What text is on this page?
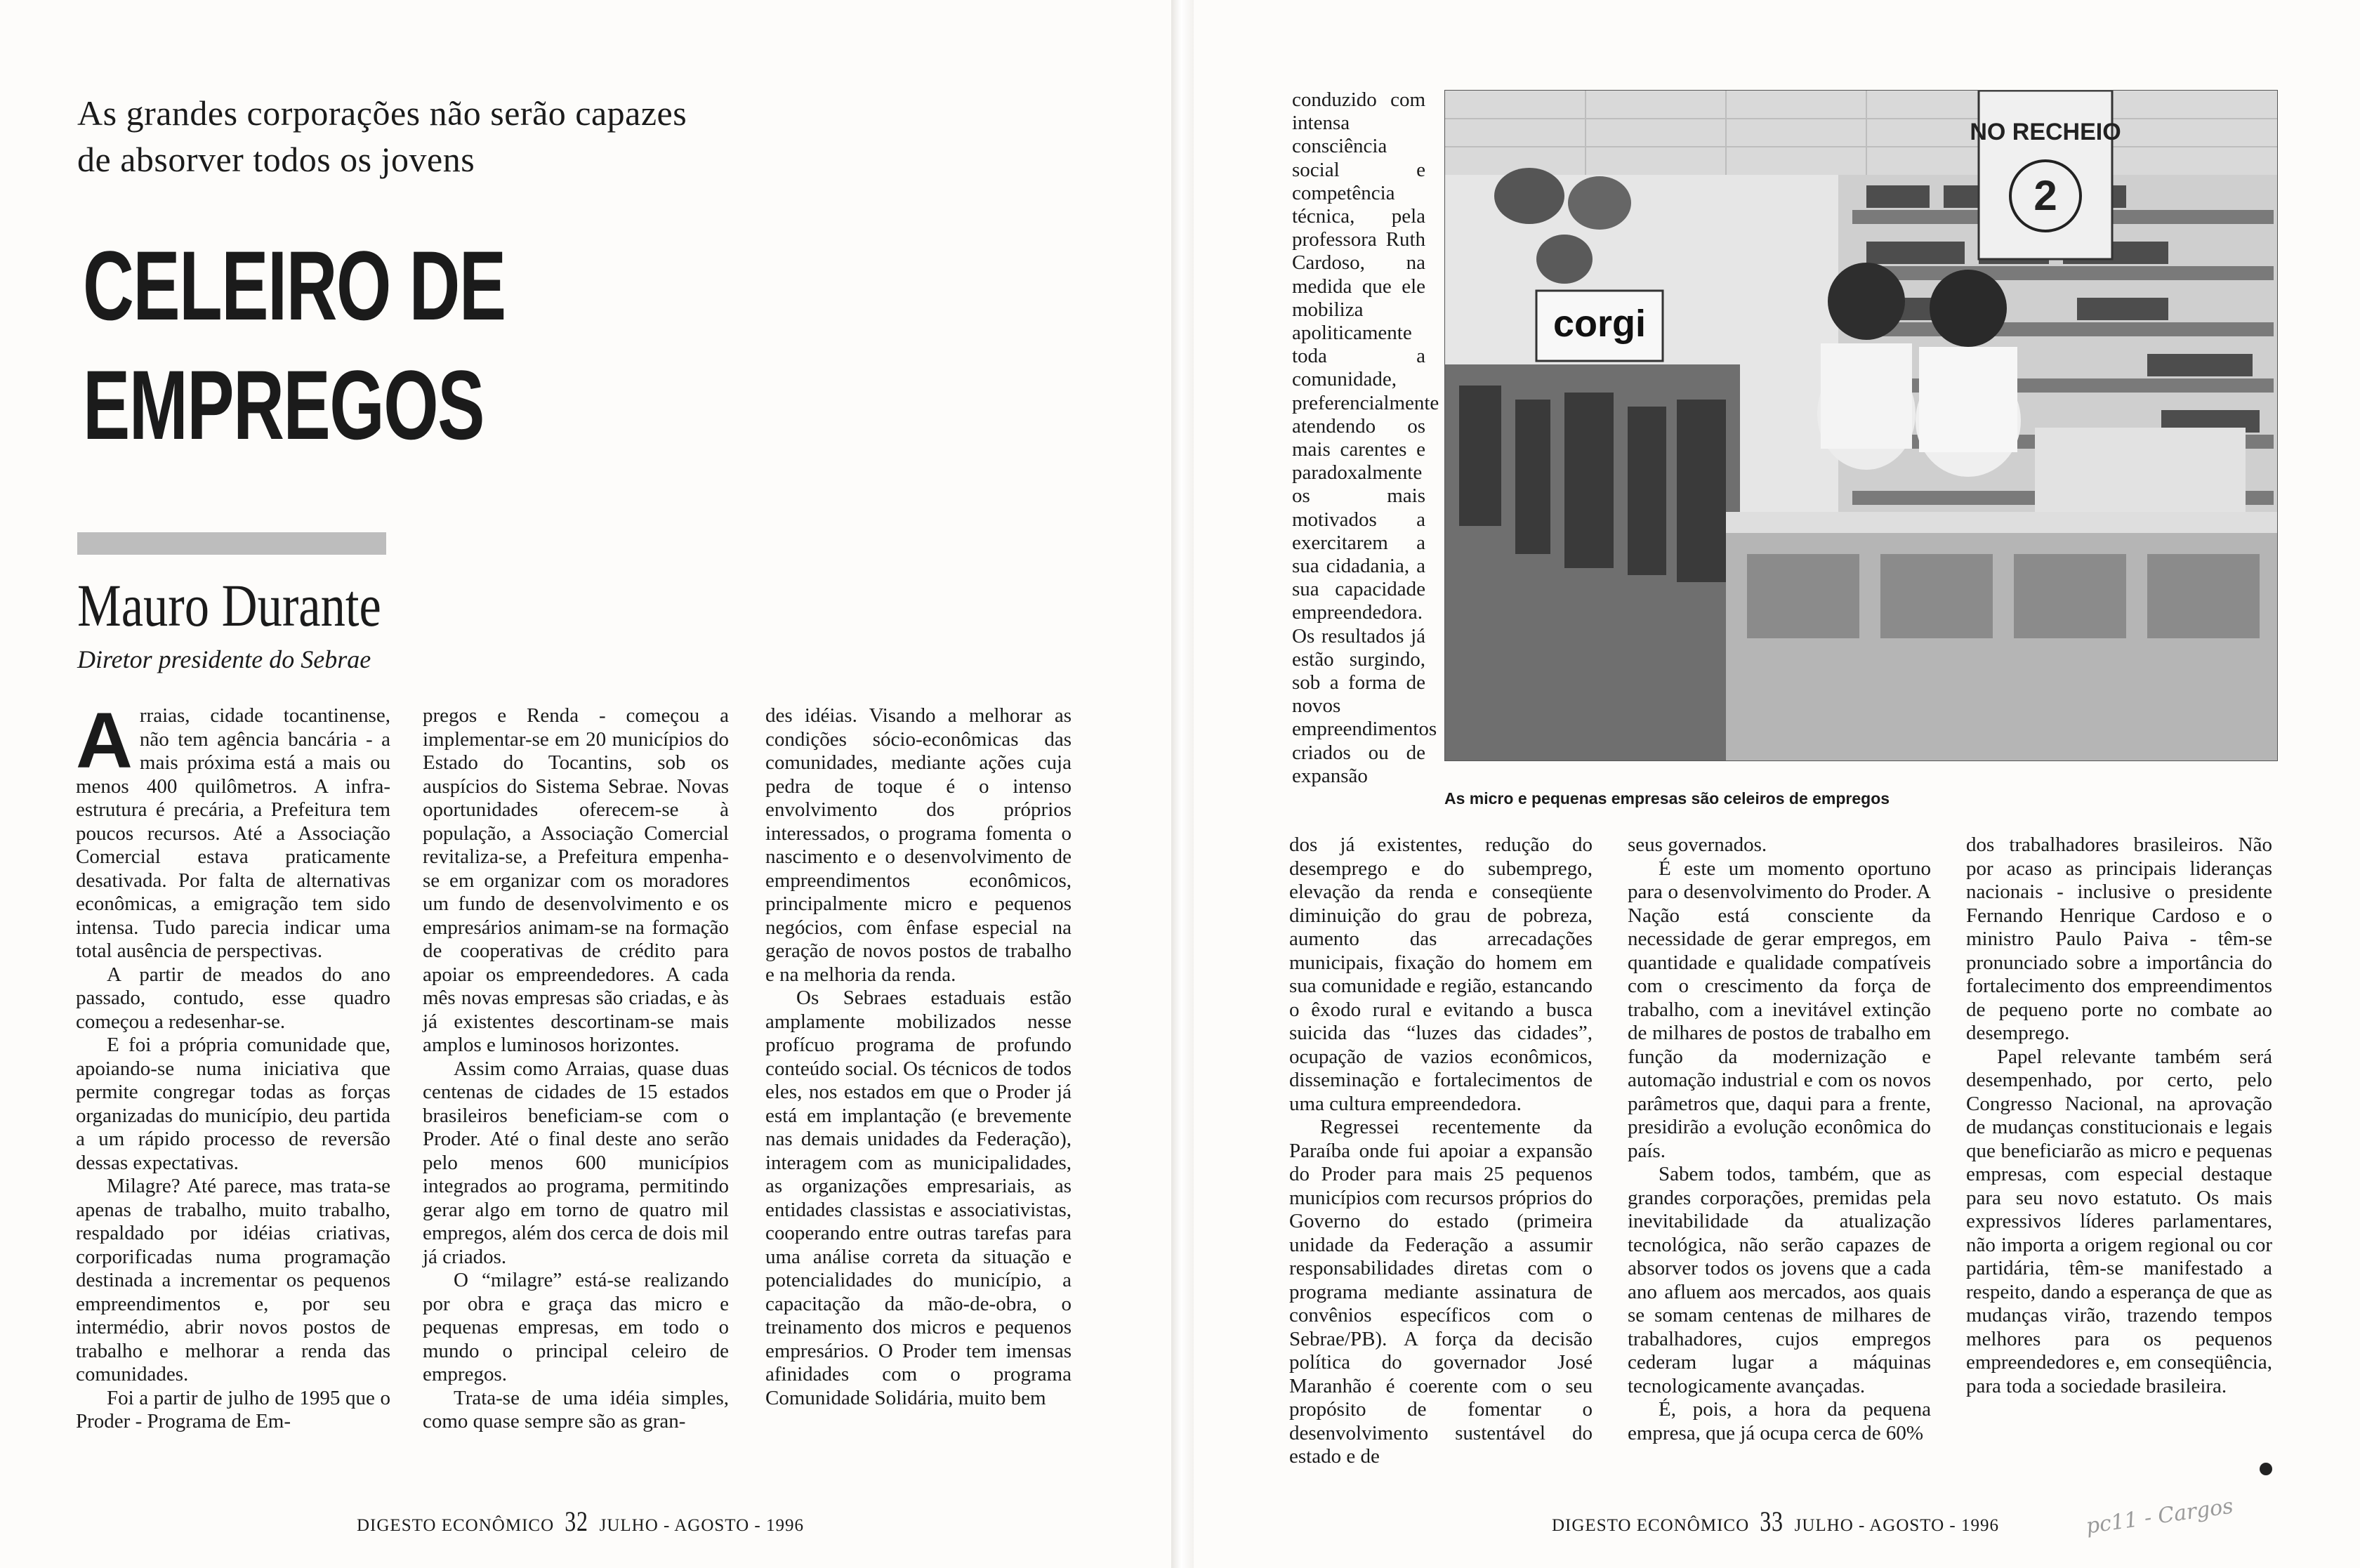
As grandes corporações não serão capazes de absorver todos os jovens
CELEIRO DE
EMPREGOS
Mauro Durante
Diretor presidente do Sebrae

Arraias, cidade tocantinense, não tem agência bancária - a mais próxima está a mais ou menos 400 quilômetros. A infra-estrutura é precária, a Prefeitura tem poucos recursos. Até a Associação Comercial estava praticamente desativada. Por falta de alternativas econômicas, a emigração tem sido intensa. Tudo parecia indicar uma total ausência de perspectivas.

A partir de meados do ano passado, contudo, esse quadro começou a redesenhar-se.

E foi a própria comunidade que, apoiando-se numa iniciativa que permite congregar todas as forças organizadas do município, deu partida a um rápido processo de reversão dessas expectativas.

Milagre? Até parece, mas trata-se apenas de trabalho, muito trabalho, respaldado por idéias criativas, corporificadas numa programação destinada a incrementar os pequenos empreendimentos e, por seu intermédio, abrir novos postos de trabalho e melhorar a renda das comunidades.

Foi a partir de julho de 1995 que o Proder - Programa de Em-

pregos e Renda - começou a implementar-se em 20 municípios do Estado do Tocantins, sob os auspícios do Sistema Sebrae. Novas oportunidades oferecem-se à população, a Associação Comercial revitaliza-se, a Prefeitura empenha-se em organizar com os moradores um fundo de desenvolvimento e os empresários animam-se na formação de cooperativas de crédito para apoiar os empreendedores. A cada mês novas empresas são criadas, e às já existentes descortinam-se mais amplos e luminosos horizontes.

Assim como Arraias, quase duas centenas de cidades de 15 estados brasileiros beneficiam-se com o Proder. Até o final deste ano serão pelo menos 600 municípios integrados ao programa, permitindo gerar algo em torno de quatro mil empregos, além dos cerca de dois mil já criados.

O “milagre” está-se realizando por obra e graça das micro e pequenas empresas, em todo o mundo o principal celeiro de empregos.

Trata-se de uma idéia simples, como quase sempre são as gran-

des idéias. Visando a melhorar as condições sócio-econômicas das comunidades, mediante ações cuja pedra de toque é o intenso envolvimento dos próprios interessados, o programa fomenta o nascimento e o desenvolvimento de empreendimentos econômicos, principalmente micro e pequenos negócios, com ênfase especial na geração de novos postos de trabalho e na melhoria da renda.

Os Sebraes estaduais estão amplamente mobilizados nesse profícuo programa de profundo conteúdo social. Os técnicos de todos eles, nos estados em que o Proder já está em implantação (e brevemente nas demais unidades da Federação), interagem com as municipalidades, as organizações empresariais, as entidades classistas e associativistas, cooperando entre outras tarefas para uma análise correta da situação e potencialidades do município, a capacitação da mão-de-obra, o treinamento dos micros e pequenos empresários. O Proder tem imensas afinidades com o programa Comunidade Solidária, muito bem

DIGESTO ECONÔMICO 32 JULHO - AGOSTO - 1996
conduzido com intensa consciência social e competência técnica, pela professora Ruth Cardoso, na medida que ele mobiliza apoliticamente toda a comunidade, preferencialmente atendendo os mais carentes e paradoxalmente os mais motivados a exercitarem a sua cidadania, a sua capacidade empreendedora. Os resultados já estão surgindo, sob a forma de novos empreendimentos criados ou de expansão
NO RECHEIO
2
corgi
As micro e pequenas empresas são celeiros de empregos

dos já existentes, redução do desemprego e do subemprego, elevação da renda e conseqüente diminuição do grau de pobreza, aumento das arrecadações municipais, fixação do homem em sua comunidade e região, estancando o êxodo rural e evitando a busca suicida das “luzes das cidades”, ocupação de vazios econômicos, disseminação e fortalecimentos de uma cultura empreendedora.

Regressei recentemente da Paraíba onde fui apoiar a expansão do Proder para mais 25 pequenos municípios com recursos próprios do Governo do estado (primeira unidade da Federação a assumir responsabilidades diretas com o programa mediante assinatura de convênios específicos com o Sebrae/PB). A força da decisão política do governador José Maranhão é coerente com o seu propósito de fomentar o desenvolvimento sustentável do estado e de

seus governados.

É este um momento oportuno para o desenvolvimento do Proder. A Nação está consciente da necessidade de gerar empregos, em quantidade e qualidade compatíveis com o crescimento da força de trabalho, com a inevitável extinção de milhares de postos de trabalho em função da modernização e automação industrial e com os novos parâmetros que, daqui para a frente, presidirão a evolução econômica do país.

Sabem todos, também, que as grandes corporações, premidas pela inevitabilidade da atualização tecnológica, não serão capazes de absorver todos os jovens que a cada ano afluem aos mercados, aos quais se somam centenas de milhares de trabalhadores, cujos empregos cederam lugar a máquinas tecnologicamente avançadas.

É, pois, a hora da pequena empresa, que já ocupa cerca de 60%

dos trabalhadores brasileiros. Não por acaso as principais lideranças nacionais - inclusive o presidente Fernando Henrique Cardoso e o ministro Paulo Paiva - têm-se pronunciado sobre a importância do fortalecimento dos empreendimentos de pequeno porte no combate ao desemprego.

Papel relevante também será desempenhado, por certo, pelo Congresso Nacional, na aprovação de mudanças constitucionais e legais que beneficiarão as micro e pequenas empresas, com especial destaque para seu novo estatuto. Os mais expressivos líderes parlamentares, não importa a origem regional ou cor partidária, têm-se manifestado a respeito, dando a esperança de que as mudanças virão, trazendo tempos melhores para os pequenos empreendedores e, em conseqüência, para toda a sociedade brasileira.

DIGESTO ECONÔMICO 33 JULHO - AGOSTO - 1996	pc11 - Cargos
